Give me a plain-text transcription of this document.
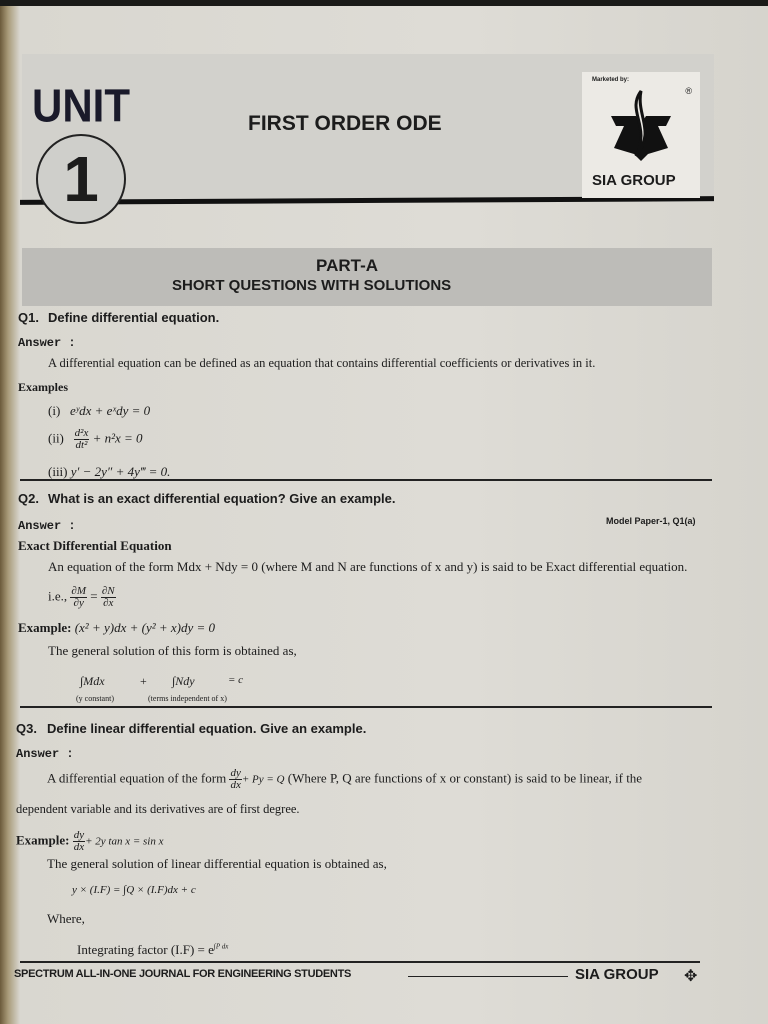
UNIT
1
FIRST ORDER ODE
Marketed by:
®
SIA GROUP
PART-A
SHORT QUESTIONS WITH SOLUTIONS
Q1. Define differential equation.
Answer :
A differential equation can be defined as an equation that contains differential coefficients or derivatives in it.
Examples
(i) eʸdx + eˣdy = 0
$(ii) \frac{\text{d²x}}{\text{dt²}} + n^2x = 0$
(iii) y′ − 2y″ + 4y‴ = 0.
Q2. What is an exact differential equation? Give an example.
Answer :	Model Paper-1, Q1(a)
Exact Differential Equation
An equation of the form Mdx + Ndy = 0 (where M and N are functions of x and y) is said to be Exact differential equation.
i.e., $\frac{\partial M}{\partial y} = \frac{\partial N}{\partial x}$
Example: (x² + y)dx + (y² + x)dy = 0
The general solution of this form is obtained as,
∫Mdx	+ ∫Ndy	= c
(y constant)	(terms independent of x)
Q3. Define linear differential equation. Give an example.
Answer :
A differential equation of the form $\frac{dy}{dx} + Py = Q$ (Where P, Q are functions of x or constant) is said to be linear, if the
dependent variable and its derivatives are of first degree.
Example: $\frac{dy}{dx} + 2y$ tan x = sin x
The general solution of linear differential equation is obtained as,
y × (I.F) = ∫Q × (I.F)dx + c
Where,
Integrating factor $(I.F) = e^{\int P dx}$
SPECTRUM ALL-IN-ONE JOURNAL FOR ENGINEERING STUDENTS	SIA GROUP ✥
